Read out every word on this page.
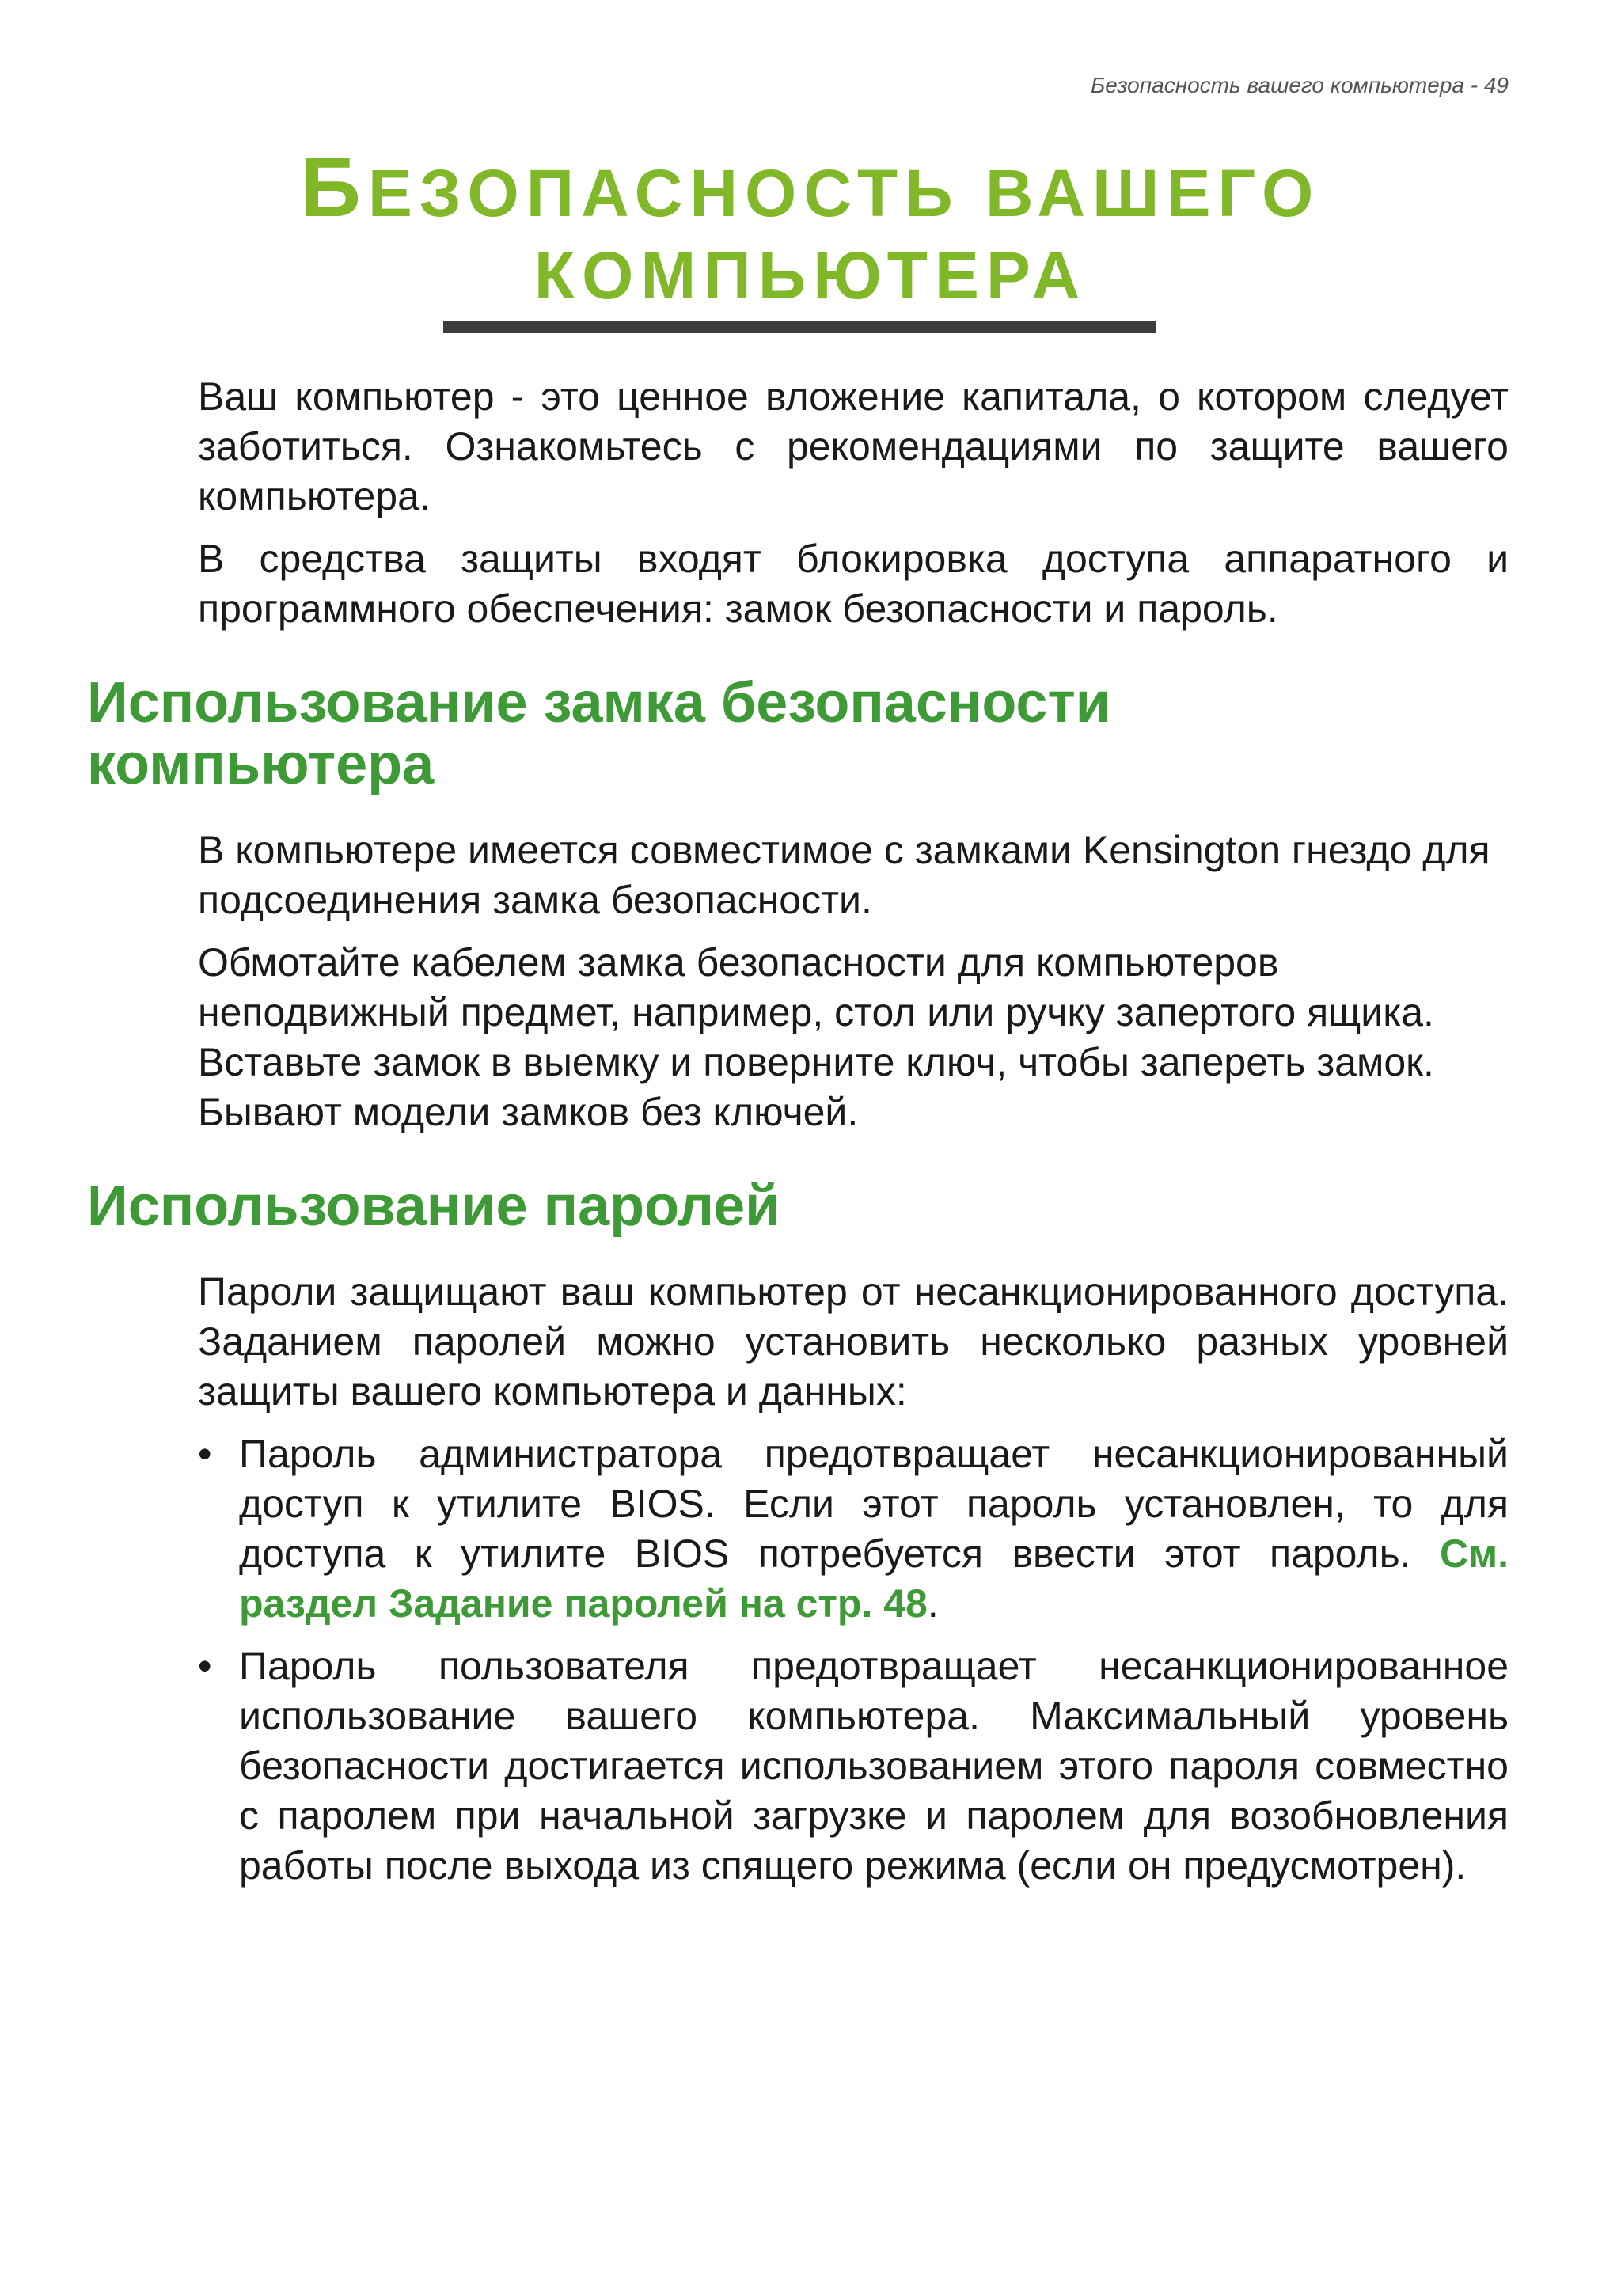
Безопасность вашего компьютера - 49
БЕЗОПАСНОСТЬ ВАШЕГО
КОМПЬЮТЕРА

Ваш компьютер - это ценное вложение капитала, о котором следует заботиться. Ознакомьтесь с рекомендациями по защите вашего компьютера.

В средства защиты входят блокировка доступа аппаратного и программного обеспечения: замок безопасности и пароль.

Использование замка безопасности
компьютера

В компьютере имеется совместимое с замками Kensington гнездо для подсоединения замка безопасности.

Обмотайте кабелем замка безопасности для компьютеров неподвижный предмет, например, стол или ручку запертого ящика. Вставьте замок в выемку и поверните ключ, чтобы запереть замок. Бывают модели замков без ключей.

Использование паролей

Пароли защищают ваш компьютер от несанкционированного доступа. Заданием паролей можно установить несколько разных уровней защиты вашего компьютера и данных:

• Пароль администратора предотвращает несанкционированный доступ к утилите BIOS. Если этот пароль установлен, то для доступа к утилите BIOS потребуется ввести этот пароль. См. раздел Задание паролей на стр. 48.
• Пароль пользователя предотвращает несанкционированное использование вашего компьютера. Максимальный уровень безопасности достигается использованием этого пароля совместно с паролем при начальной загрузке и паролем для возобновления работы после выхода из спящего режима (если он предусмотрен).
